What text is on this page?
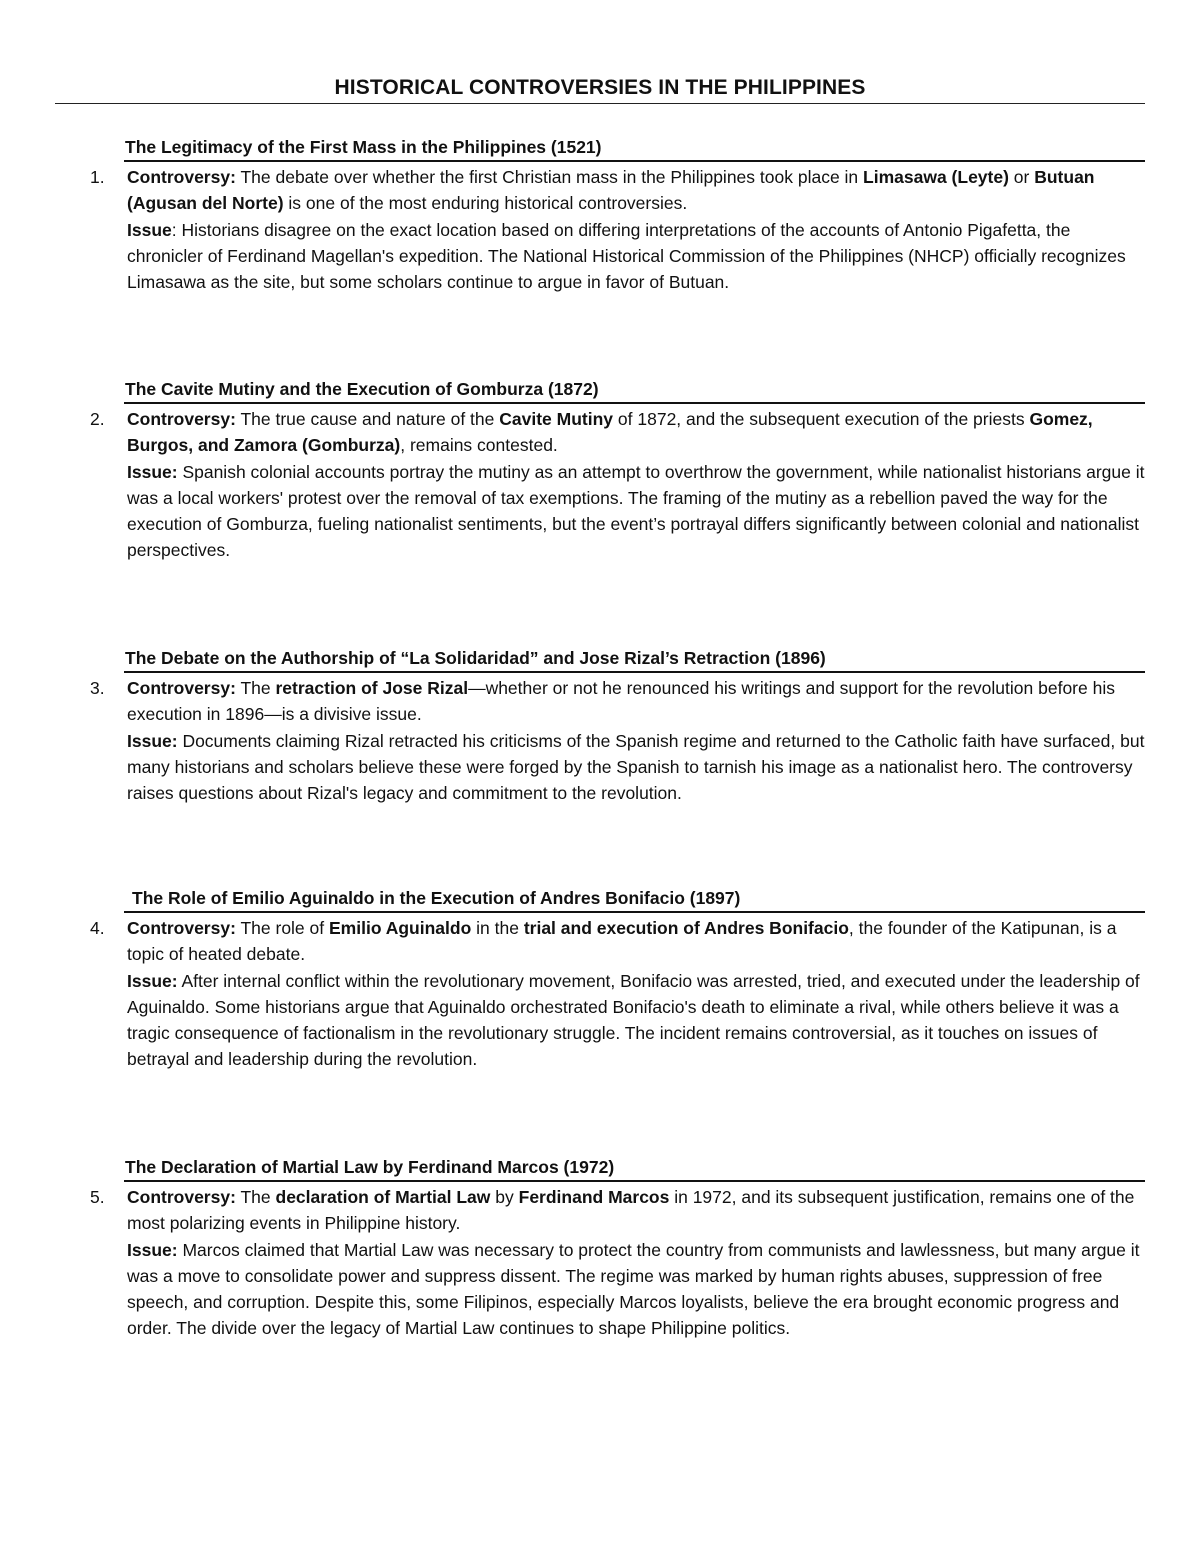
HISTORICAL CONTROVERSIES IN THE PHILIPPINES
The Legitimacy of the First Mass in the Philippines (1521)
1. Controversy: The debate over whether the first Christian mass in the Philippines took place in Limasawa (Leyte) or Butuan (Agusan del Norte) is one of the most enduring historical controversies.

Issue: Historians disagree on the exact location based on differing interpretations of the accounts of Antonio Pigafetta, the chronicler of Ferdinand Magellan's expedition. The National Historical Commission of the Philippines (NHCP) officially recognizes Limasawa as the site, but some scholars continue to argue in favor of Butuan.

The Cavite Mutiny and the Execution of Gomburza (1872)
2. Controversy: The true cause and nature of the Cavite Mutiny of 1872, and the subsequent execution of the priests Gomez, Burgos, and Zamora (Gomburza), remains contested.

Issue: Spanish colonial accounts portray the mutiny as an attempt to overthrow the government, while nationalist historians argue it was a local workers' protest over the removal of tax exemptions. The framing of the mutiny as a rebellion paved the way for the execution of Gomburza, fueling nationalist sentiments, but the event’s portrayal differs significantly between colonial and nationalist perspectives.

The Debate on the Authorship of “La Solidaridad” and Jose Rizal’s Retraction (1896)
3. Controversy: The retraction of Jose Rizal—whether or not he renounced his writings and support for the revolution before his execution in 1896—is a divisive issue.

Issue: Documents claiming Rizal retracted his criticisms of the Spanish regime and returned to the Catholic faith have surfaced, but many historians and scholars believe these were forged by the Spanish to tarnish his image as a nationalist hero. The controversy raises questions about Rizal's legacy and commitment to the revolution.

The Role of Emilio Aguinaldo in the Execution of Andres Bonifacio (1897)
4. Controversy: The role of Emilio Aguinaldo in the trial and execution of Andres Bonifacio, the founder of the Katipunan, is a topic of heated debate.

Issue: After internal conflict within the revolutionary movement, Bonifacio was arrested, tried, and executed under the leadership of Aguinaldo. Some historians argue that Aguinaldo orchestrated Bonifacio's death to eliminate a rival, while others believe it was a tragic consequence of factionalism in the revolutionary struggle. The incident remains controversial, as it touches on issues of betrayal and leadership during the revolution.

The Declaration of Martial Law by Ferdinand Marcos (1972)
5. Controversy: The declaration of Martial Law by Ferdinand Marcos in 1972, and its subsequent justification, remains one of the most polarizing events in Philippine history.

Issue: Marcos claimed that Martial Law was necessary to protect the country from communists and lawlessness, but many argue it was a move to consolidate power and suppress dissent. The regime was marked by human rights abuses, suppression of free speech, and corruption. Despite this, some Filipinos, especially Marcos loyalists, believe the era brought economic progress and order. The divide over the legacy of Martial Law continues to shape Philippine politics.
